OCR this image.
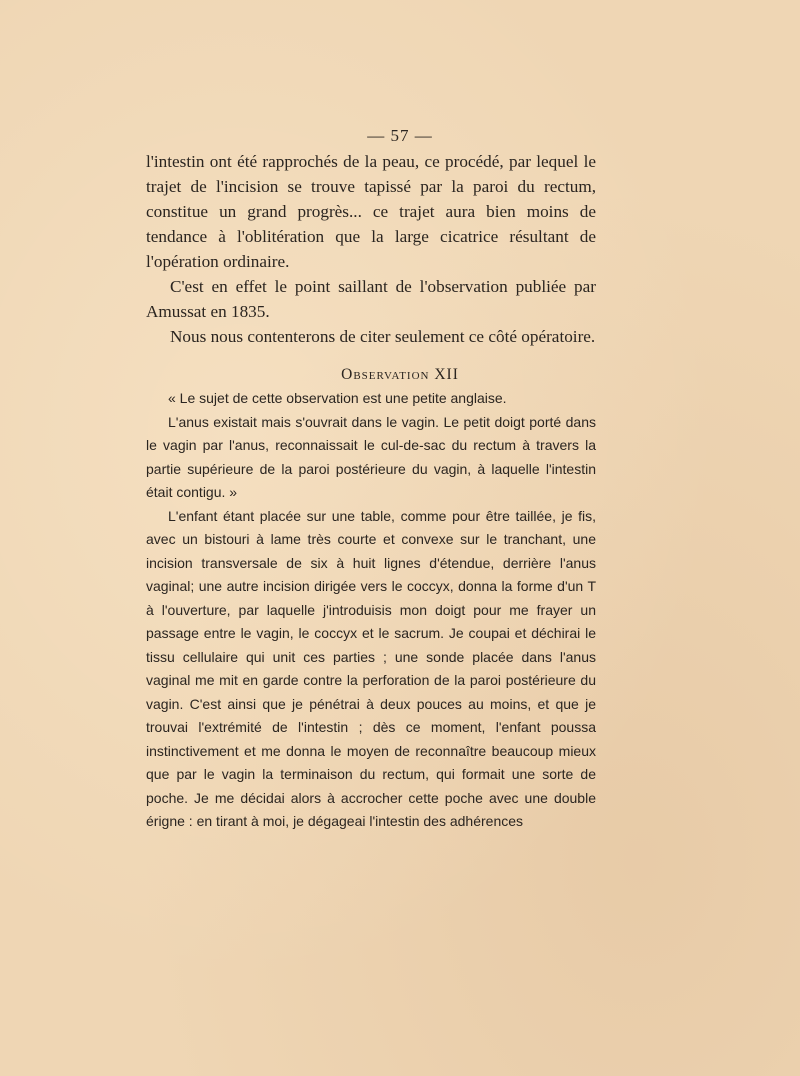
— 57 —

l'intestin ont été rapprochés de la peau, ce procédé, par lequel le trajet de l'incision se trouve tapissé par la paroi du rectum, constitue un grand progrès... ce trajet aura bien moins de tendance à l'oblitération que la large cicatrice résultant de l'opération ordinaire.

C'est en effet le point saillant de l'observation publiée par Amussat en 1835.

Nous nous contenterons de citer seulement ce côté opératoire.

Observation XII

« Le sujet de cette observation est une petite anglaise.

L'anus existait mais s'ouvrait dans le vagin. Le petit doigt porté dans le vagin par l'anus, reconnaissait le cul-de-sac du rectum à travers la partie supérieure de la paroi postérieure du vagin, à laquelle l'intestin était contigu. »

L'enfant étant placée sur une table, comme pour être taillée, je fis, avec un bistouri à lame très courte et convexe sur le tranchant, une incision transversale de six à huit lignes d'étendue, derrière l'anus vaginal; une autre incision dirigée vers le coccyx, donna la forme d'un T à l'ouverture, par laquelle j'introduisis mon doigt pour me frayer un passage entre le vagin, le coccyx et le sacrum. Je coupai et déchirai le tissu cellulaire qui unit ces parties ; une sonde placée dans l'anus vaginal me mit en garde contre la perforation de la paroi postérieure du vagin. C'est ainsi que je pénétrai à deux pouces au moins, et que je trouvai l'extrémité de l'intestin ; dès ce moment, l'enfant poussa instinctivement et me donna le moyen de reconnaître beaucoup mieux que par le vagin la terminaison du rectum, qui formait une sorte de poche. Je me décidai alors à accrocher cette poche avec une double érigne : en tirant à moi, je dégageai l'intestin des adhérences
